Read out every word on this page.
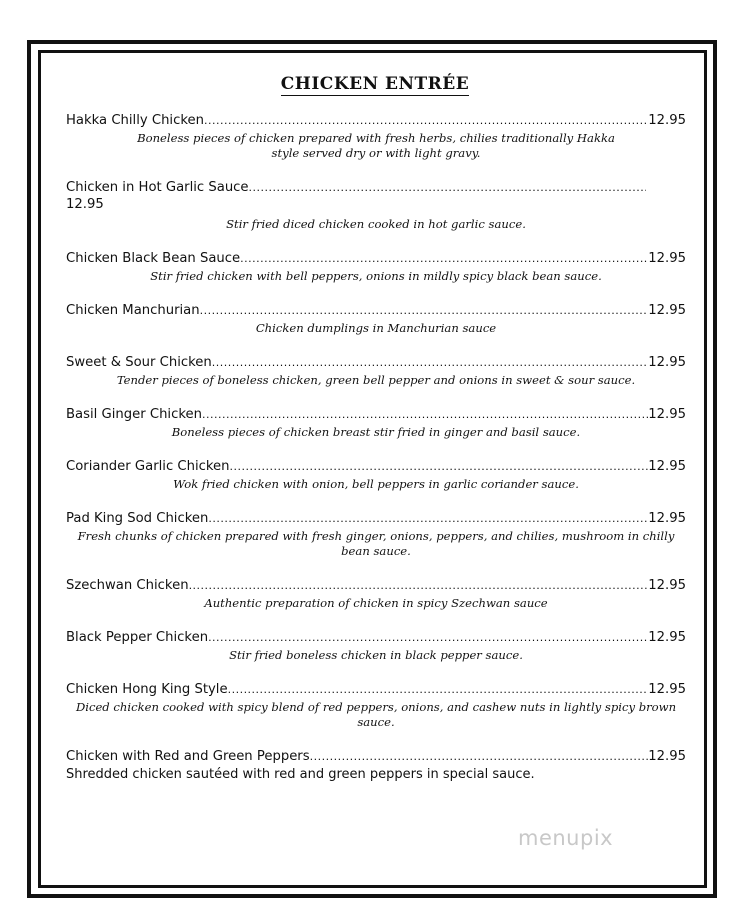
CHICKEN ENTRÉE
Hakka Chilly Chicken .....	12.95
Boneless pieces of chicken prepared with fresh herbs, chilies traditionally Hakka style served dry or with light gravy.
Chicken in Hot Garlic Sauce
.....
12.95
Stir fried diced chicken cooked in hot garlic sauce.
Chicken Black Bean Sauce .....	12.95
Stir fried chicken with bell peppers, onions in mildly spicy black bean sauce.
Chicken Manchurian .....	12.95
Chicken dumplings in Manchurian sauce
Sweet & Sour Chicken .....	12.95
Tender pieces of boneless chicken, green bell pepper and onions in sweet & sour sauce.
Basil Ginger Chicken .....	12.95
Boneless pieces of chicken breast stir fried in ginger and basil sauce.
Coriander Garlic Chicken .....	12.95
Wok fried chicken with onion, bell peppers in garlic coriander sauce.
Pad King Sod Chicken .....	12.95
Fresh chunks of chicken prepared with fresh ginger, onions, peppers, and chilies, mushroom in chilly bean sauce.
Szechwan Chicken .....	12.95
Authentic preparation of chicken in spicy Szechwan sauce
Black Pepper Chicken .....	12.95
Stir fried boneless chicken in black pepper sauce.
Chicken Hong King Style .....	12.95
Diced chicken cooked with spicy blend of red peppers, onions, and cashew nuts in lightly spicy brown sauce.
Chicken with Red and Green Peppers .....	12.95
Shredded chicken sautéed with red and green peppers in special sauce.
menupix
